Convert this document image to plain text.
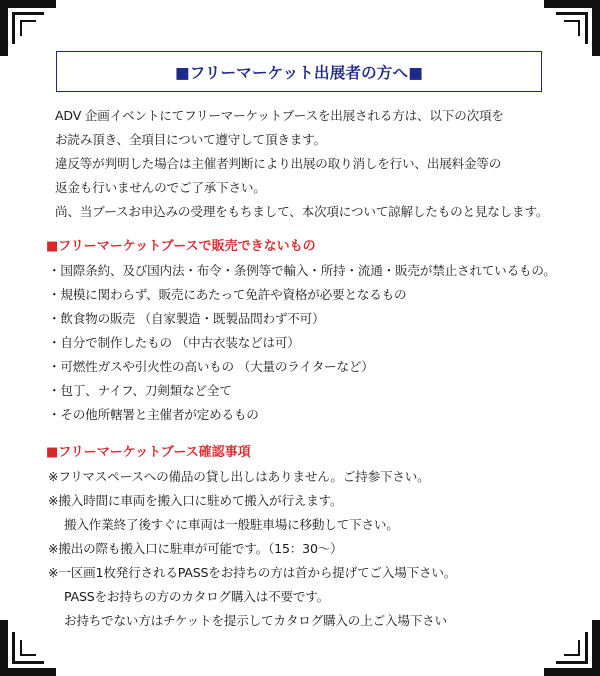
■フリーマーケット出展者の方へ■
ADV 企画イベントにてフリーマーケットブースを出展される方は、以下の次項を
お読み頂き、全項目について遵守して頂きます。
違反等が判明した場合は主催者判断により出展の取り消しを行い、出展料金等の
返金も行いませんのでご了承下さい。
尚、当ブースお申込みの受理をもちまして、本次項について諒解したものと見なします。
■フリーマーケットブースで販売できないもの
・国際条約、及び国内法・布令・条例等で輸入・所持・流通・販売が禁止されているもの。
・規模に関わらず、販売にあたって免許や資格が必要となるもの
・飲食物の販売 （自家製造・既製品問わず不可）
・自分で制作したもの （中古衣装などは可）
・可燃性ガスや引火性の高いもの （大量のライターなど）
・包丁、ナイフ、刀剣類など全て
・その他所轄署と主催者が定めるもの
■フリーマーケットブース確認事項
※フリマスペースへの備品の貸し出しはありません。ご持参下さい。
※搬入時間に車両を搬入口に駐めて搬入が行えます。
搬入作業終了後すぐに車両は一般駐車場に移動して下さい。
※搬出の際も搬入口に駐車が可能です。（15：30～）
※一区画1枚発行されるPASSをお持ちの方は首から提げてご入場下さい。
PASSをお持ちの方のカタログ購入は不要です。
お持ちでない方はチケットを提示してカタログ購入の上ご入場下さい
